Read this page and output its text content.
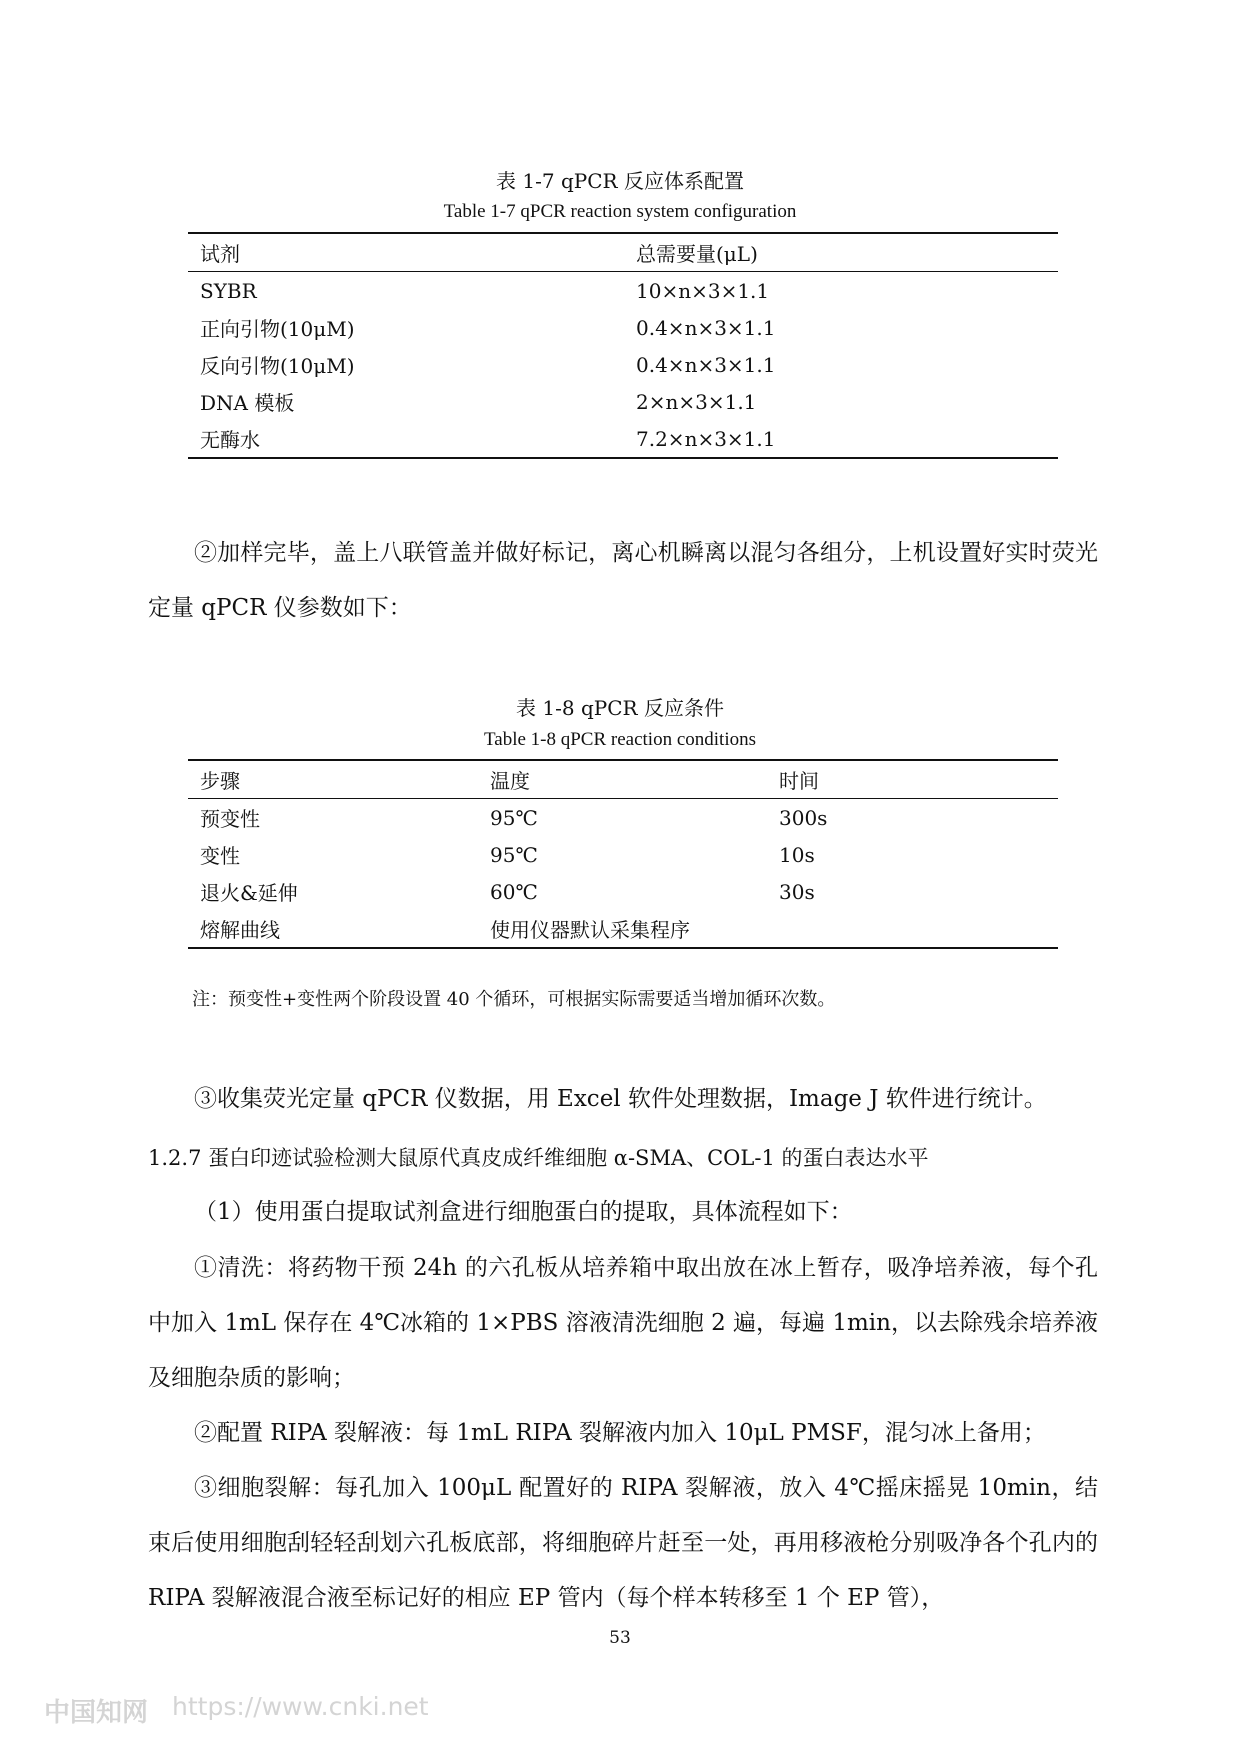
表 1-7 qPCR 反应体系配置
Table 1-7 qPCR reaction system configuration
试剂	总需要量(μL)
SYBR	10×n×3×1.1
正向引物(10μM)	0.4×n×3×1.1
反向引物(10μM)	0.4×n×3×1.1
DNA 模板	2×n×3×1.1
无酶水	7.2×n×3×1.1

②加样完毕，盖上八联管盖并做好标记，离心机瞬离以混匀各组分，上机设置好实时荧光定量 qPCR 仪参数如下：

表 1-8 qPCR 反应条件
Table 1-8 qPCR reaction conditions
步骤	温度	时间
预变性	95℃	300s
变性	95℃	10s
退火&延伸	60℃	30s
熔解曲线	使用仪器默认采集程序	
注：预变性+变性两个阶段设置 40 个循环，可根据实际需要适当增加循环次数。

③收集荧光定量 qPCR 仪数据，用 Excel 软件处理数据，Image J 软件进行统计。

1.2.7 蛋白印迹试验检测大鼠原代真皮成纤维细胞 α-SMA、COL-1 的蛋白表达水平

（1）使用蛋白提取试剂盒进行细胞蛋白的提取，具体流程如下：

①清洗：将药物干预 24h 的六孔板从培养箱中取出放在冰上暂存，吸净培养液，每个孔中加入 1mL 保存在 4℃冰箱的 1×PBS 溶液清洗细胞 2 遍，每遍 1min，以去除残余培养液及细胞杂质的影响；

②配置 RIPA 裂解液：每 1mL RIPA 裂解液内加入 10μL PMSF，混匀冰上备用；

③细胞裂解：每孔加入 100μL 配置好的 RIPA 裂解液，放入 4℃摇床摇晃 10min，结束后使用细胞刮轻轻刮划六孔板底部，将细胞碎片赶至一处，再用移液枪分别吸净各个孔内的 RIPA 裂解液混合液至标记好的相应 EP 管内（每个样本转移至 1 个 EP 管），

53
中国知网 https://www.cnki.net
